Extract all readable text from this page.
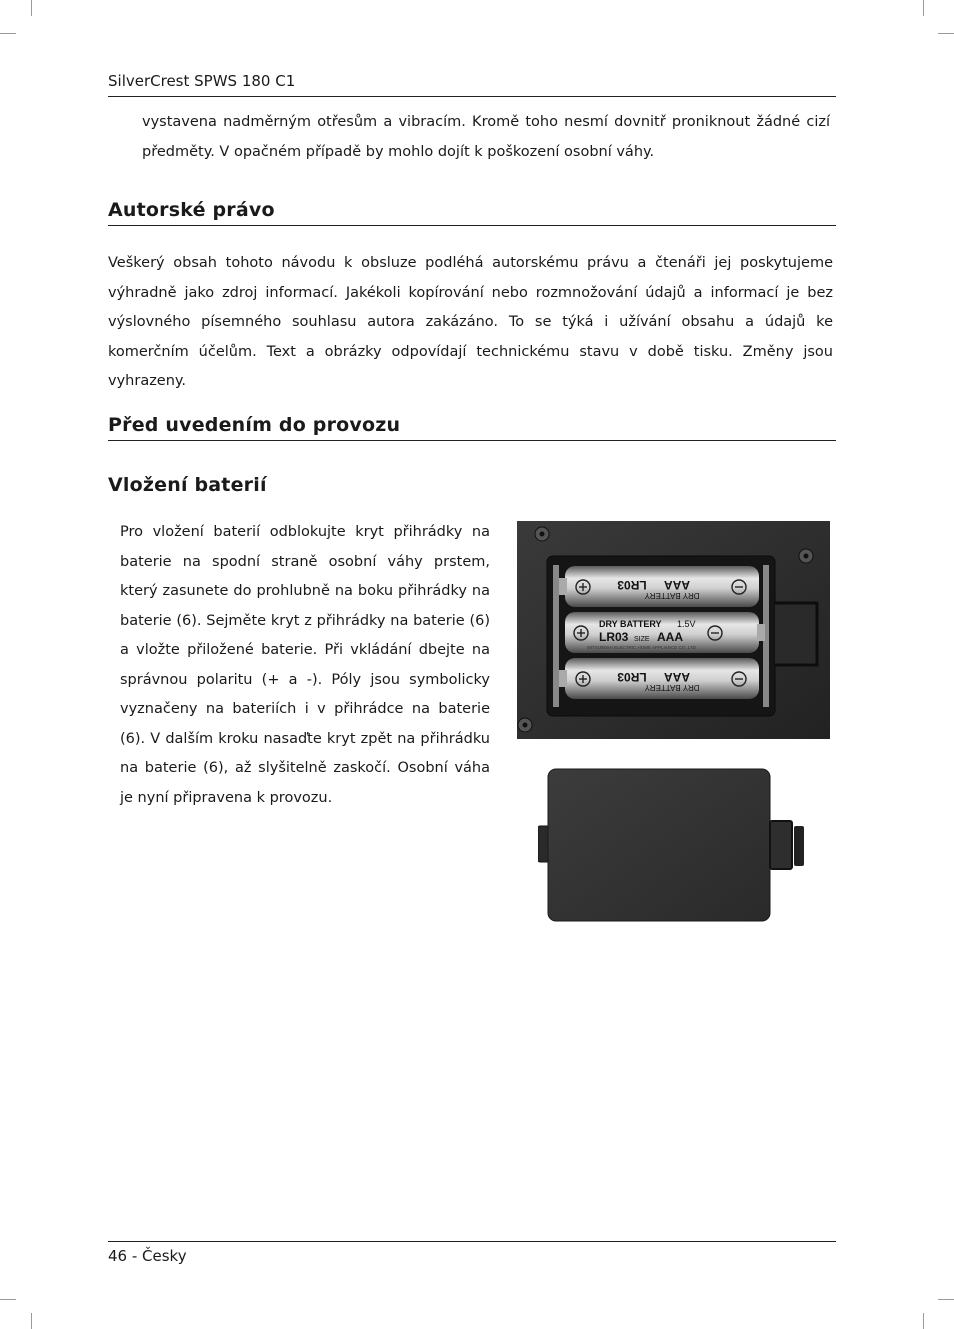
SilverCrest SPWS 180 C1

vystavena nadměrným otřesům a vibracím. Kromě toho nesmí dovnitř proniknout žádné cizí předměty. V opačném případě by mohlo dojít k poškození osobní váhy.

Autorské právo

Veškerý obsah tohoto návodu k obsluze podléhá autorskému právu a čtenáři jej poskytujeme výhradně jako zdroj informací. Jakékoli kopírování nebo rozmnožování údajů a informací je bez výslovného písemného souhlasu autora zakázáno. To se týká i užívání obsahu a údajů ke komerčním účelům. Text a obrázky odpovídají technickému stavu v době tisku. Změny jsou vyhrazeny.

Před uvedením do provozu
Vložení baterií

Pro vložení baterií odblokujte kryt přihrádky na baterie na spodní straně osobní váhy prstem, který zasunete do prohlubně na boku přihrádky na baterie (6). Sejměte kryt z přihrádky na baterie (6) a vložte přiložené baterie. Při vkládání dbejte na správnou polaritu (+ a -). Póly jsou symbolicky vyznačeny na bateriích i v přihrádce na baterie (6). V dalším kroku nasaďte kryt zpět na přihrádku na baterie (6), až slyšitelně zaskočí. Osobní váha je nyní připravena k provozu.

LR03 AAA
DRY BATTERY
DRY BATTERY 1.5V
LR03 SIZE AAA
MITSUBISHI ELECTRIC HOME APPLIANCE CO.,LTD.
LR03 AAA
DRY BATTERY
46 - Česky
